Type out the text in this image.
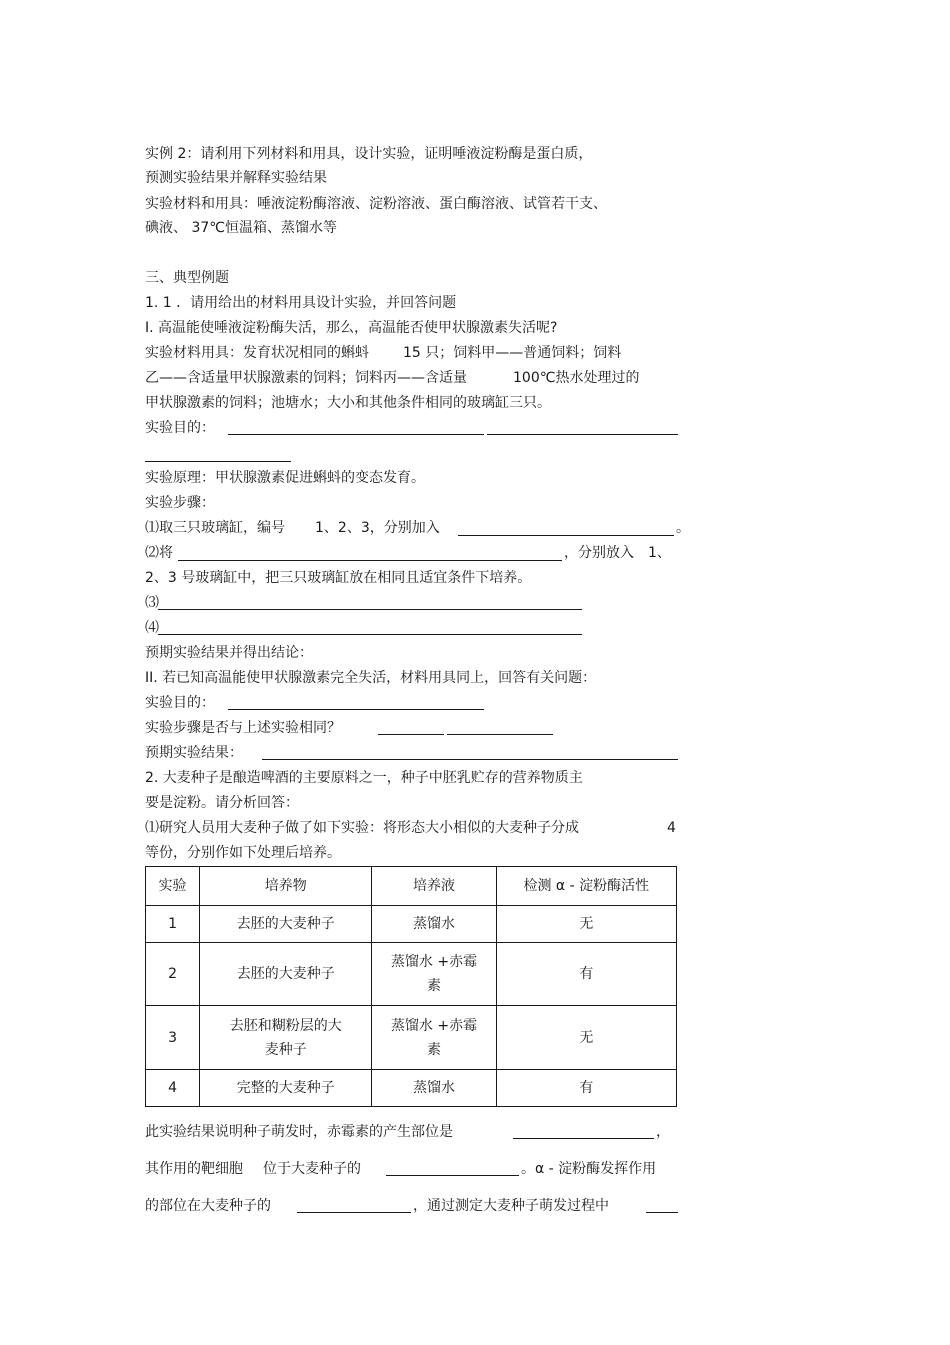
实例 2：请利用下列材料和用具，设计实验，证明唾液淀粉酶是蛋白质，
预测实验结果并解释实验结果
实验材料和用具：唾液淀粉酶溶液、淀粉溶液、蛋白酶溶液、试管若干支、
碘液、 37℃恒温箱、蒸馏水等
三、典型例题
1. 1 ．请用给出的材料用具设计实验，并回答问题
I. 高温能使唾液淀粉酶失活，那么，高温能否使甲状腺激素失活呢?
实验材料用具：发育状况相同的蝌蚪 15 只；饲料甲——普通饲料；饲料
乙——含适量甲状腺激素的饲料；饲料丙——含适量	100℃热水处理过的
甲状腺激素的饲料；池塘水；大小和其他条件相同的玻璃缸三只。
实验目的：
实验原理：甲状腺激素促进蝌蚪的变态发育。
实验步骤：
⑴取三只玻璃缸，编号 1、2、3，分别加入	。
⑵将	，分别放入 1、
2、3 号玻璃缸中，把三只玻璃缸放在相同且适宜条件下培养。
⑶
⑷
预期实验结果并得出结论：
II. 若已知高温能使甲状腺激素完全失活，材料用具同上，回答有关问题：
实验目的：
实验步骤是否与上述实验相同？
预期实验结果：
2. 大麦种子是酿造啤酒的主要原料之一，种子中胚乳贮存的营养物质主
要是淀粉。请分析回答：
⑴研究人员用大麦种子做了如下实验：将形态大小相似的大麦种子分成	4
等份，分别作如下处理后培养。
实验	培养物	培养液	检测 α - 淀粉酶活性
1	去胚的大麦种子	蒸馏水	无
2	去胚的大麦种子	蒸馏水 +赤霉
素	有
3	去胚和糊粉层的大
麦种子	蒸馏水 +赤霉
素	无
4	完整的大麦种子	蒸馏水	有
此实验结果说明种子萌发时，赤霉素的产生部位是	，
其作用的靶细胞 位于大麦种子的	。α - 淀粉酶发挥作用
的部位在大麦种子的	，通过测定大麦种子萌发过程中
